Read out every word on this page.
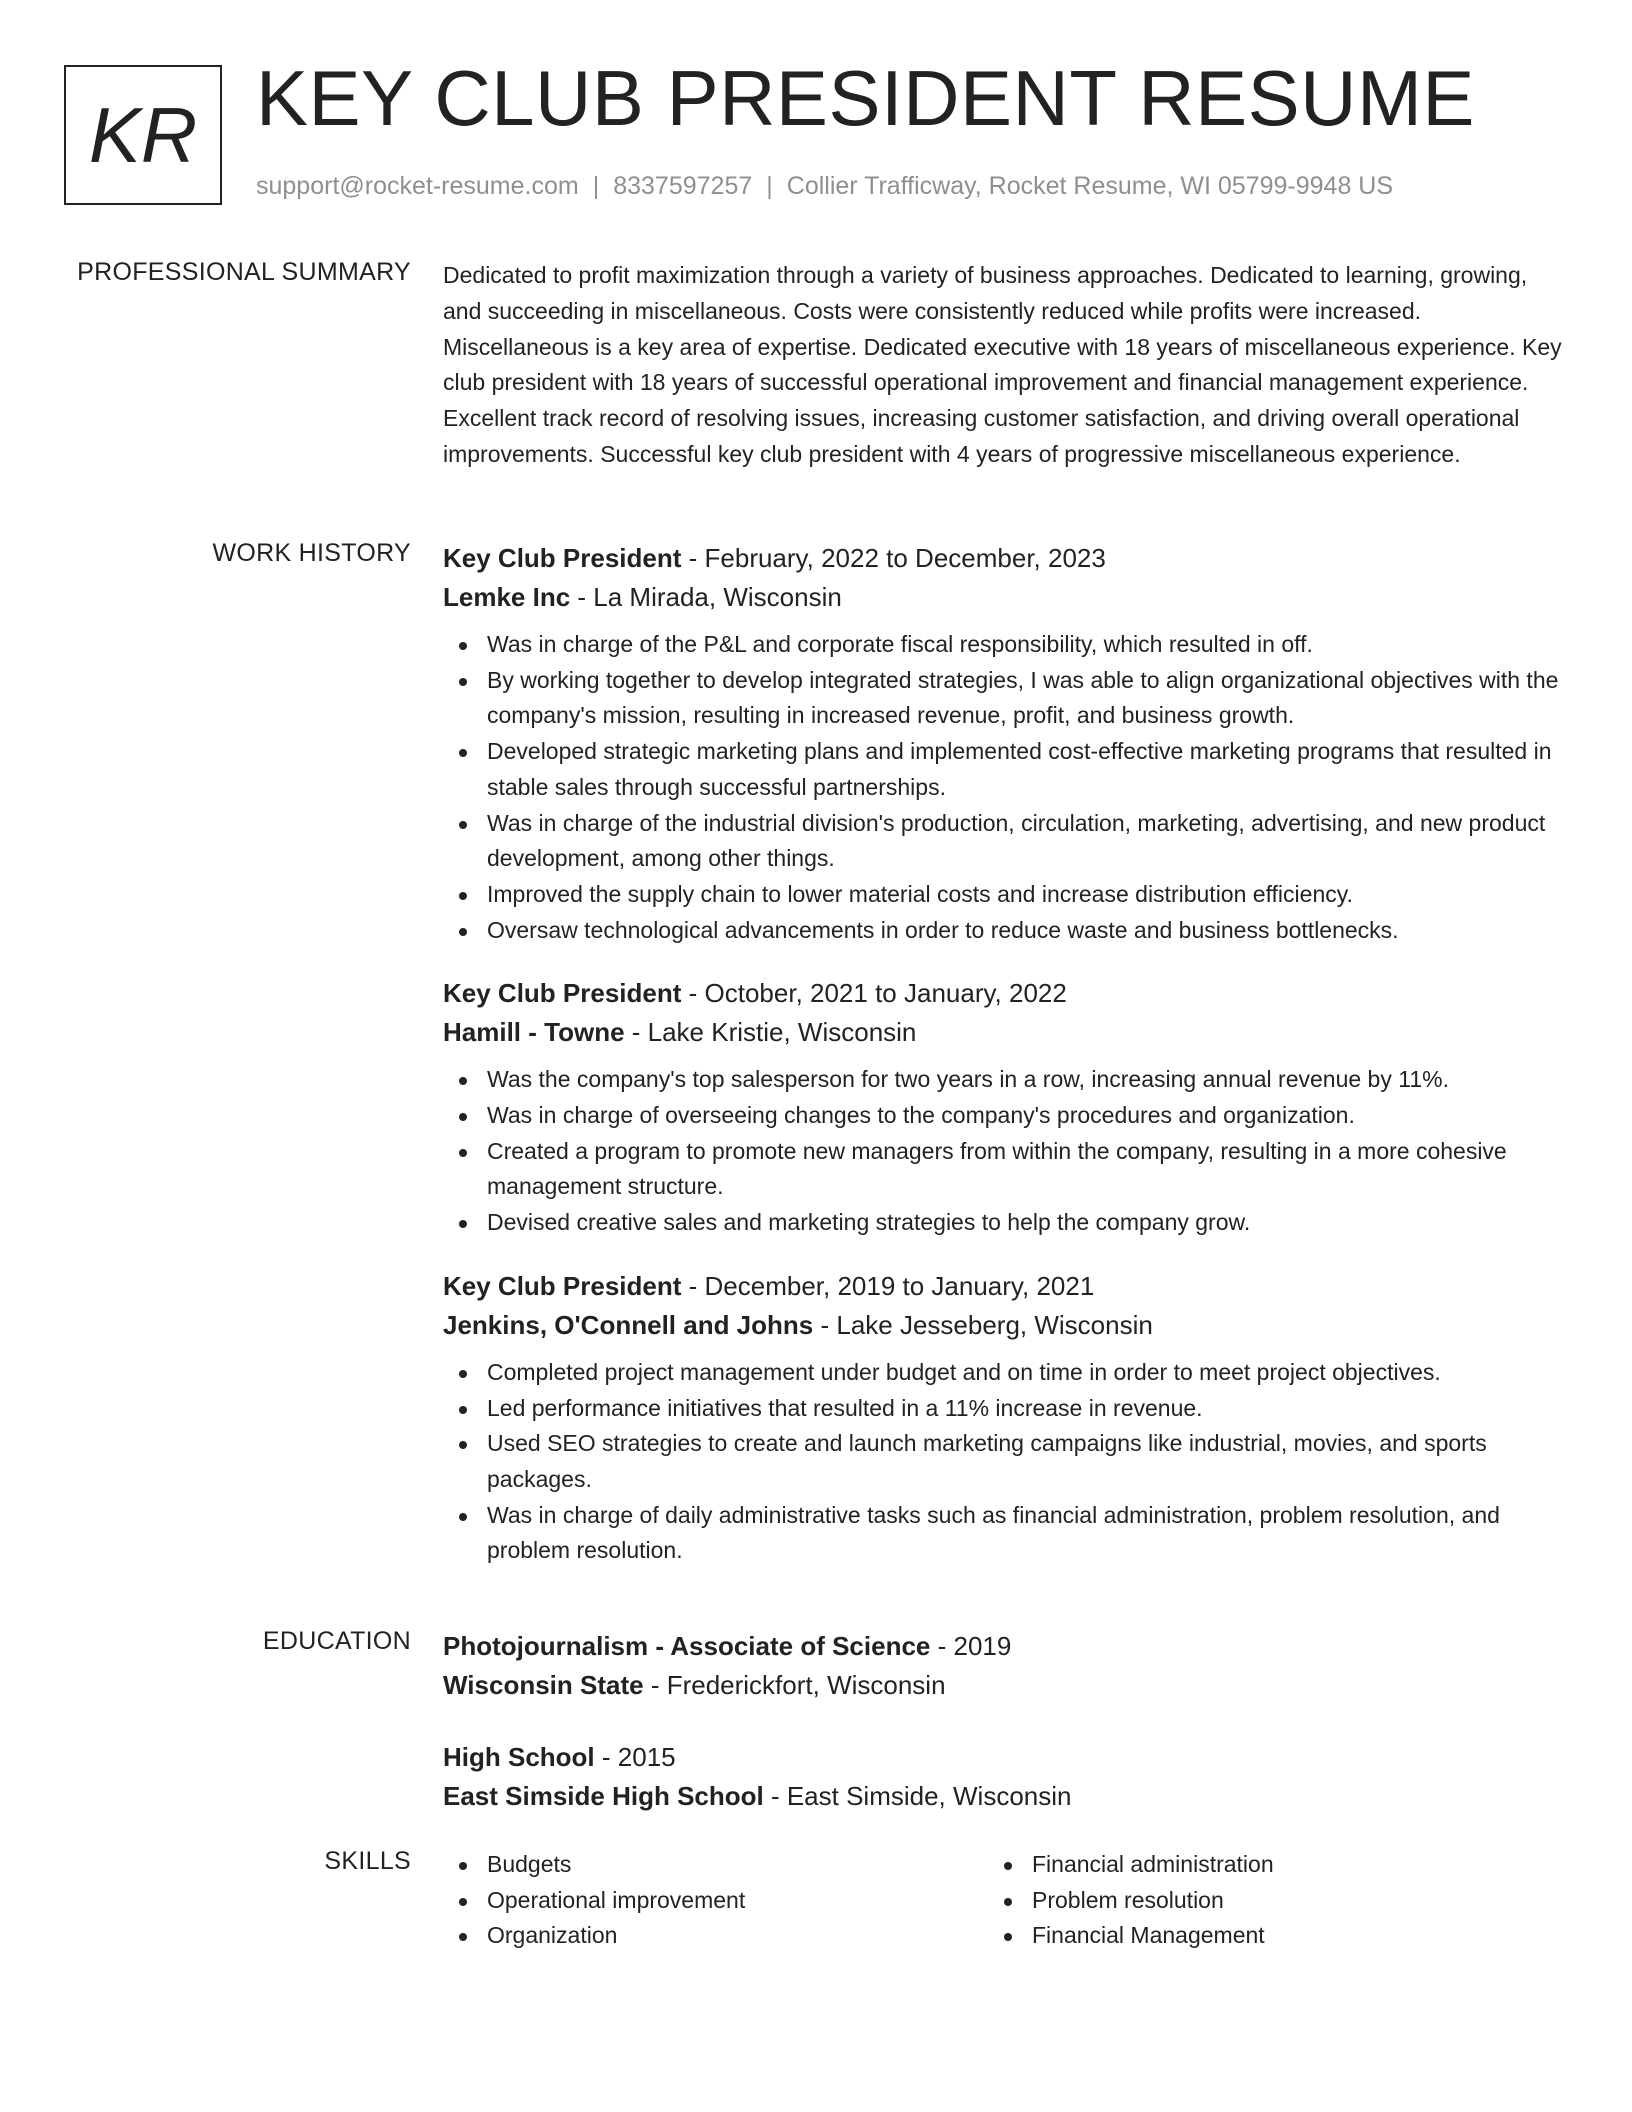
KR KEY CLUB PRESIDENT RESUME
support@rocket-resume.com | 8337597257 | Collier Trafficway, Rocket Resume, WI 05799-9948 US
PROFESSIONAL SUMMARY Dedicated to profit maximization through a variety of business approaches. Dedicated to learning, growing, and succeeding in miscellaneous. Costs were consistently reduced while profits were increased. Miscellaneous is a key area of expertise. Dedicated executive with 18 years of miscellaneous experience. Key club president with 18 years of successful operational improvement and financial management experience. Excellent track record of resolving issues, increasing customer satisfaction, and driving overall operational improvements. Successful key club president with 4 years of progressive miscellaneous experience.

WORK HISTORY Key Club President - February, 2022 to December, 2023
Lemke Inc - La Mirada, Wisconsin
Was in charge of the P&L and corporate fiscal responsibility, which resulted in off.
By working together to develop integrated strategies, I was able to align organizational objectives with the company's mission, resulting in increased revenue, profit, and business growth.
Developed strategic marketing plans and implemented cost-effective marketing programs that resulted in stable sales through successful partnerships.
Was in charge of the industrial division's production, circulation, marketing, advertising, and new product development, among other things.
Improved the supply chain to lower material costs and increase distribution efficiency.
Oversaw technological advancements in order to reduce waste and business bottlenecks.
Key Club President - October, 2021 to January, 2022
Hamill - Towne - Lake Kristie, Wisconsin
Was the company's top salesperson for two years in a row, increasing annual revenue by 11%.
Was in charge of overseeing changes to the company's procedures and organization.
Created a program to promote new managers from within the company, resulting in a more cohesive management structure.
Devised creative sales and marketing strategies to help the company grow.
Key Club President - December, 2019 to January, 2021
Jenkins, O'Connell and Johns - Lake Jesseberg, Wisconsin
Completed project management under budget and on time in order to meet project objectives.
Led performance initiatives that resulted in a 11% increase in revenue.
Used SEO strategies to create and launch marketing campaigns like industrial, movies, and sports packages.
Was in charge of daily administrative tasks such as financial administration, problem resolution, and problem resolution.
EDUCATION Photojournalism - Associate of Science - 2019
Wisconsin State - Frederickfort, Wisconsin
High School - 2015
East Simside High School - East Simside, Wisconsin
SKILLS	Budgets
Operational improvement
Organization
Financial administration
Problem resolution
Financial Management
